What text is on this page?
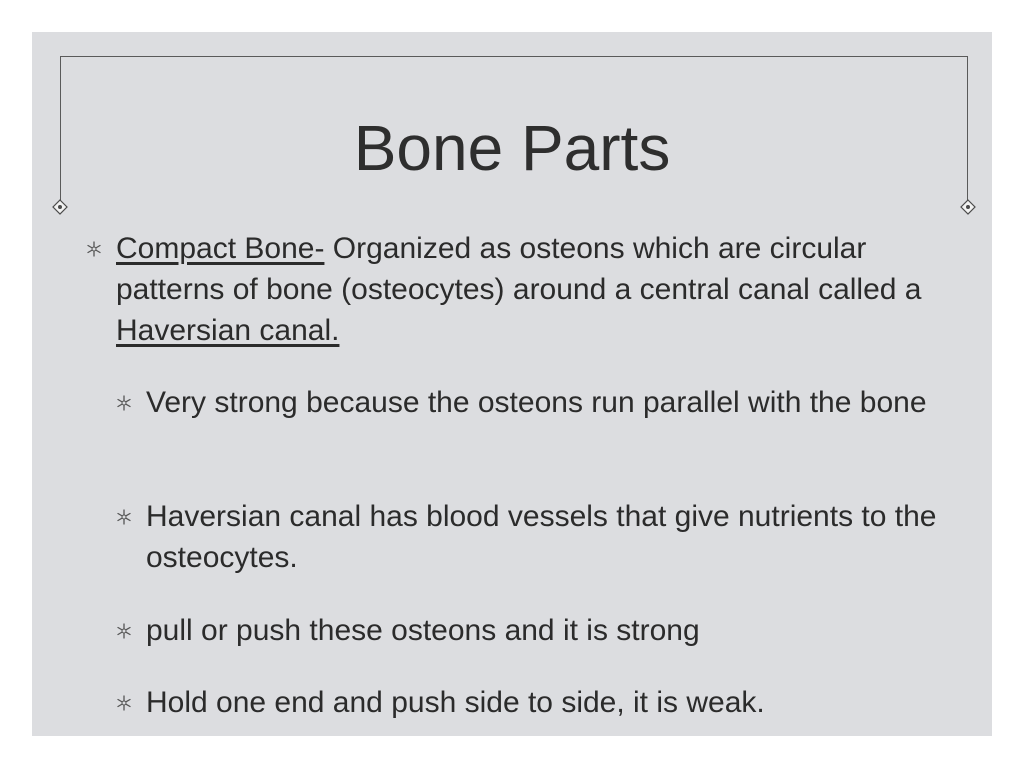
Bone Parts
Compact Bone- Organized as osteons which are circular patterns of bone (osteocytes) around a central canal called a Haversian canal.
Very strong because the osteons run parallel with the bone
Haversian canal has blood vessels that give nutrients to the osteocytes.
pull or push these osteons and it is strong
Hold one end and push side to side, it is weak.
